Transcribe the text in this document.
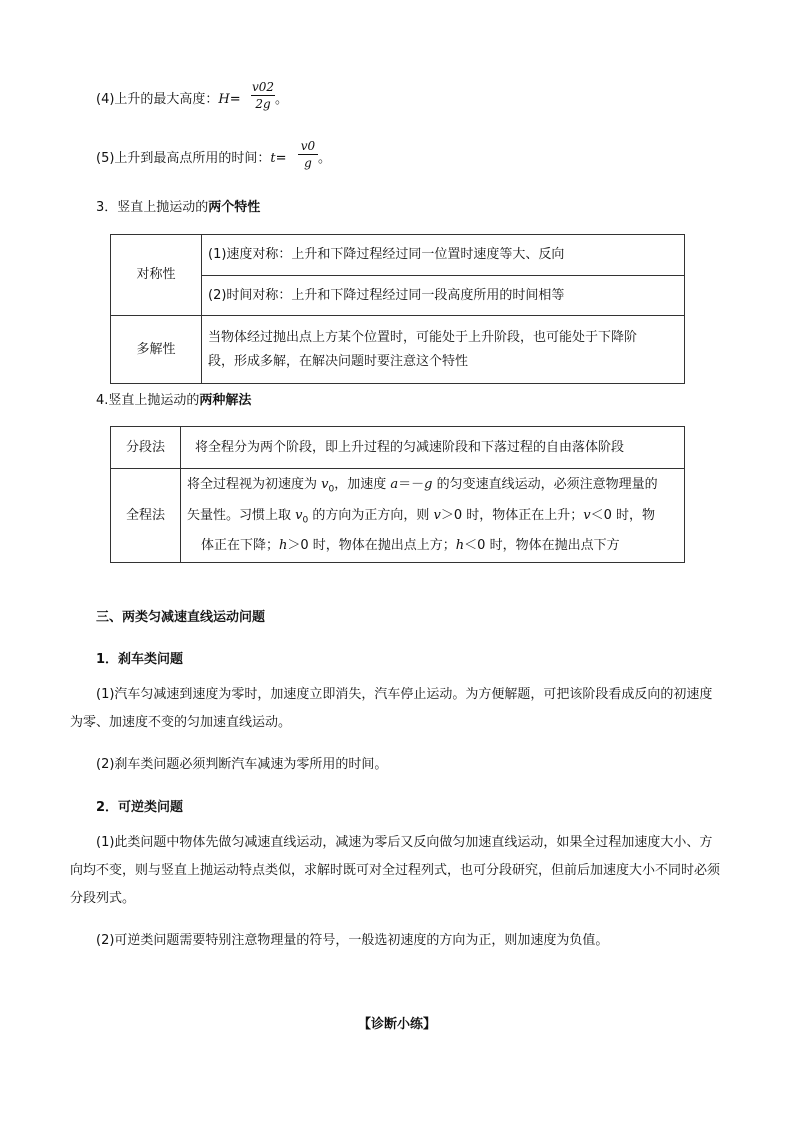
(4)上升的最大高度：H=
v02
2g 。
(5)上升到最高点所用的时间：t=
v0
g 。
3．竖直上抛运动的两个特性
对称性	(1)速度对称：上升和下降过程经过同一位置时速度等大、反向
	(2)时间对称：上升和下降过程经过同一段高度所用的时间相等
多解性	当物体经过抛出点上方某个位置时，可能处于上升阶段，也可能处于下降阶
段，形成多解，在解决问题时要注意这个特性
4.竖直上抛运动的两种解法
分段法	将全程分为两个阶段，即上升过程的匀减速阶段和下落过程的自由落体阶段
全程法	将全过程视为初速度为 $v_0$，加速度 a＝－g 的匀变速直线运动，必须注意物理量的
矢量性。习惯上取 $v_0$ 的方向为正方向，则 v＞0 时，物体正在上升；v＜0 时，物
体正在下降；h＞0 时，物体在抛出点上方；h＜0 时，物体在抛出点下方
三、两类匀减速直线运动问题
1．刹车类问题
(1)汽车匀减速到速度为零时，加速度立即消失，汽车停止运动。为方便解题，可把该阶段看成反向的初速度为零、加速度不变的匀加速直线运动。
(2)刹车类问题必须判断汽车减速为零所用的时间。
2．可逆类问题
(1)此类问题中物体先做匀减速直线运动，减速为零后又反向做匀加速直线运动，如果全过程加速度大小、方向均不变，则与竖直上抛运动特点类似，求解时既可对全过程列式，也可分段研究，但前后加速度大小不同时必须分段列式。
(2)可逆类问题需要特别注意物理量的符号，一般选初速度的方向为正，则加速度为负值。
【诊断小练】
